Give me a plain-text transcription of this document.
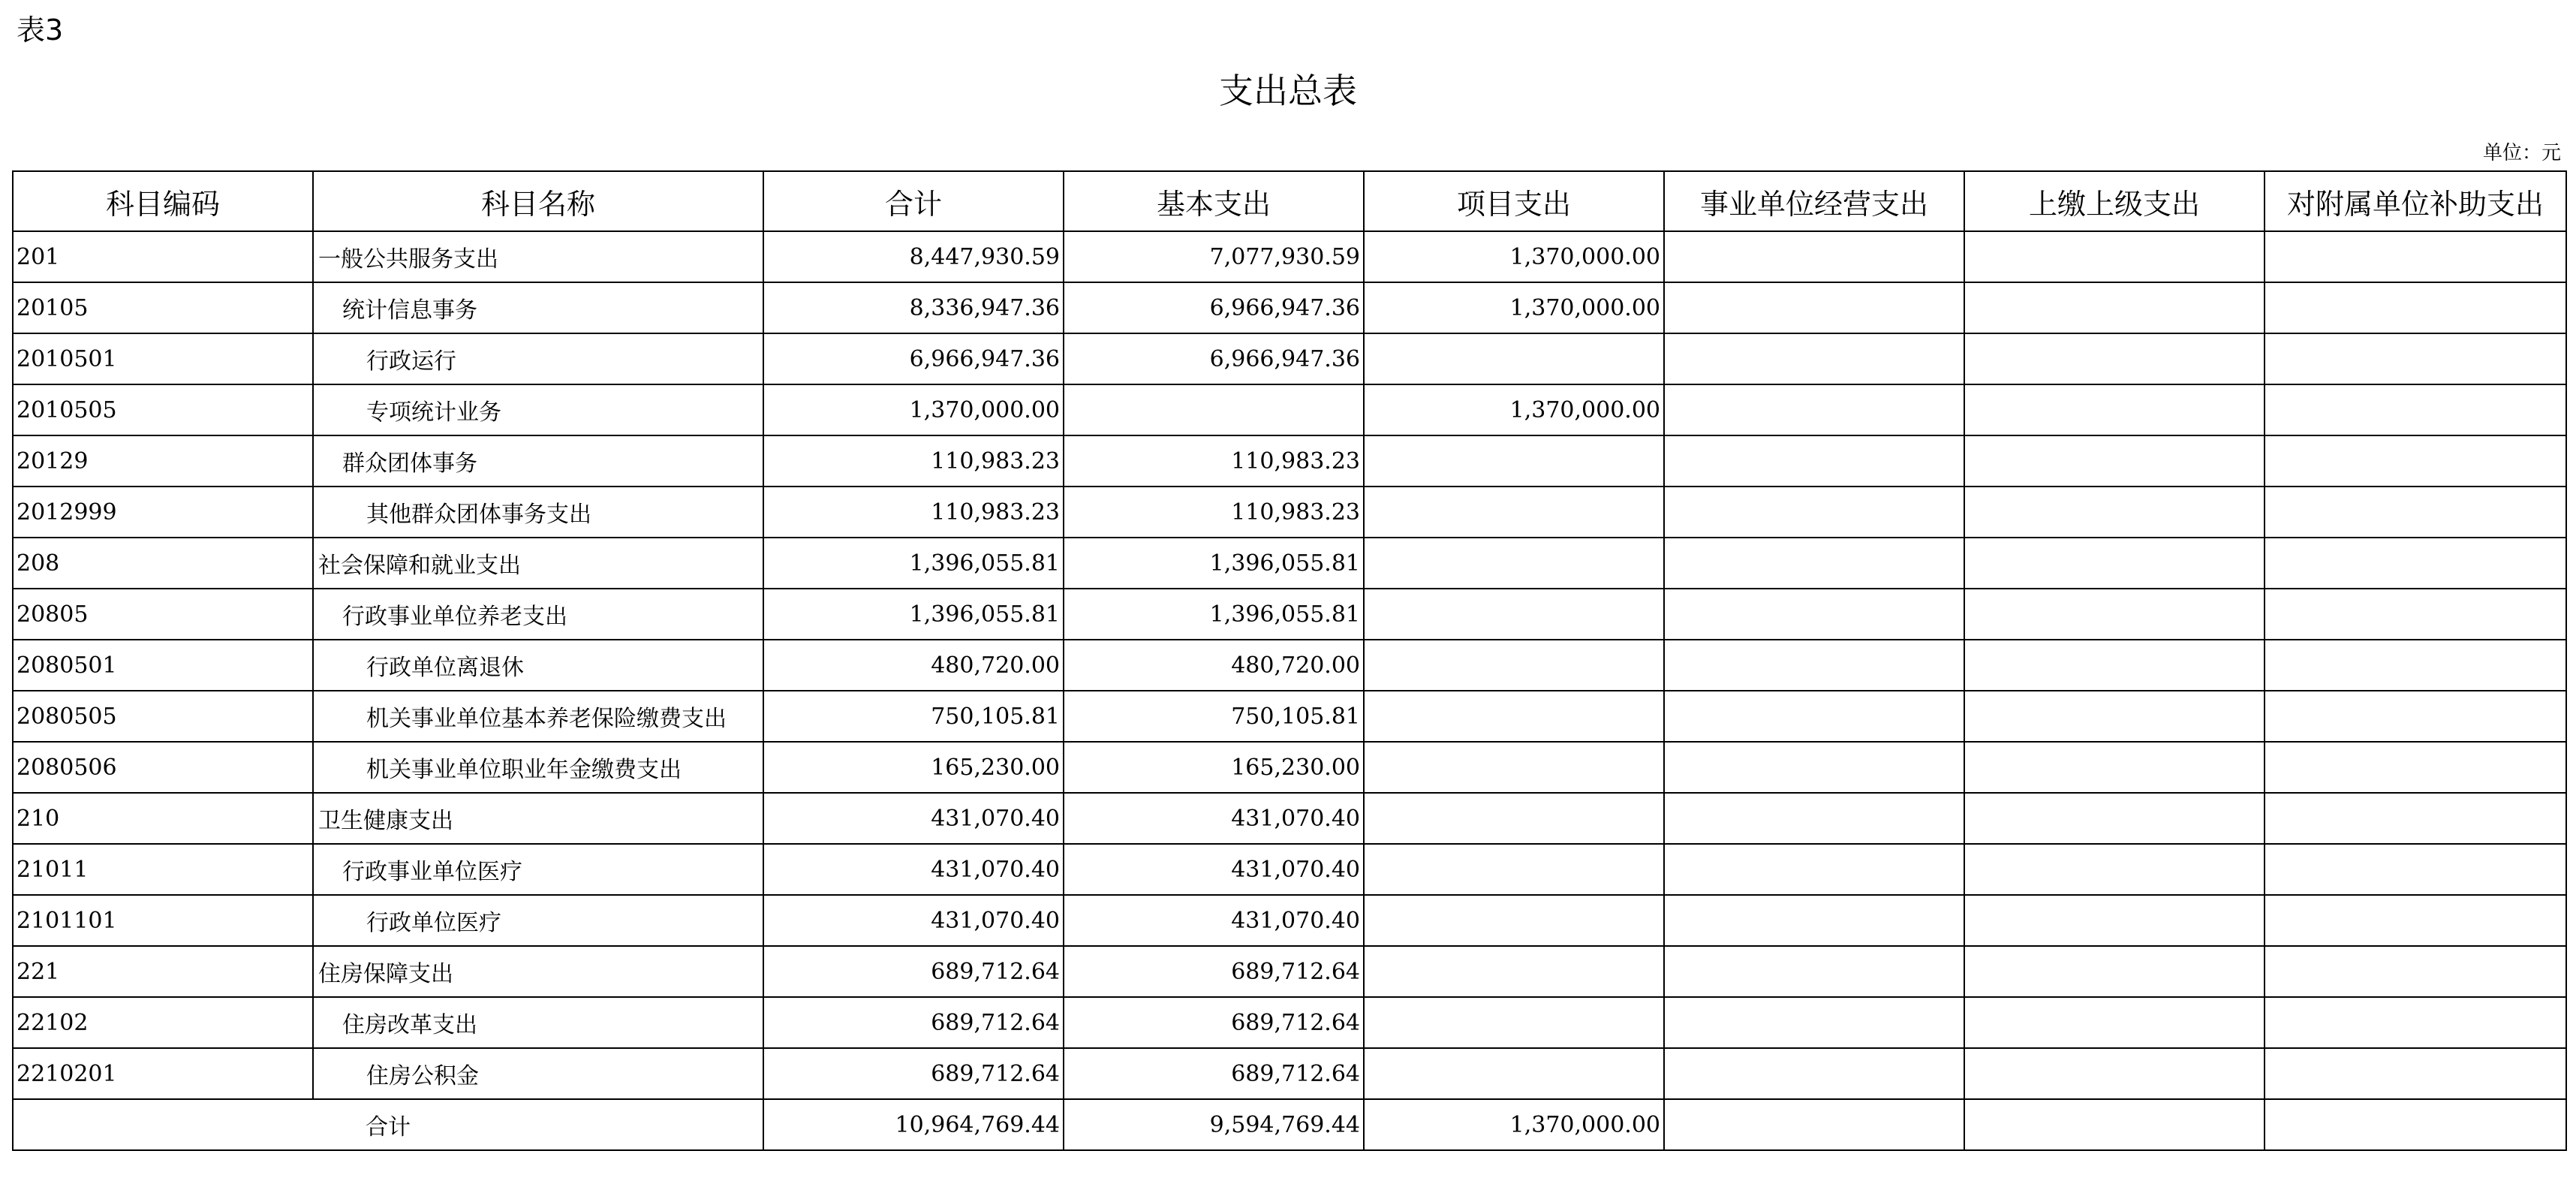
表3
支出总表
单位：元
科目编码	科目名称	合计	基本支出	项目支出	事业单位经营支出	上缴上级支出	对附属单位补助支出
201	一般公共服务支出	8,447,930.59	7,077,930.59	1,370,000.00			
20105	统计信息事务	8,336,947.36	6,966,947.36	1,370,000.00			
2010501	行政运行	6,966,947.36	6,966,947.36				
2010505	专项统计业务	1,370,000.00		1,370,000.00			
20129	群众团体事务	110,983.23	110,983.23				
2012999	其他群众团体事务支出	110,983.23	110,983.23				
208	社会保障和就业支出	1,396,055.81	1,396,055.81				
20805	行政事业单位养老支出	1,396,055.81	1,396,055.81				
2080501	行政单位离退休	480,720.00	480,720.00				
2080505	机关事业单位基本养老保险缴费支出	750,105.81	750,105.81				
2080506	机关事业单位职业年金缴费支出	165,230.00	165,230.00				
210	卫生健康支出	431,070.40	431,070.40				
21011	行政事业单位医疗	431,070.40	431,070.40				
2101101	行政单位医疗	431,070.40	431,070.40				
221	住房保障支出	689,712.64	689,712.64				
22102	住房改革支出	689,712.64	689,712.64				
2210201	住房公积金	689,712.64	689,712.64				
合计		10,964,769.44	9,594,769.44	1,370,000.00			
